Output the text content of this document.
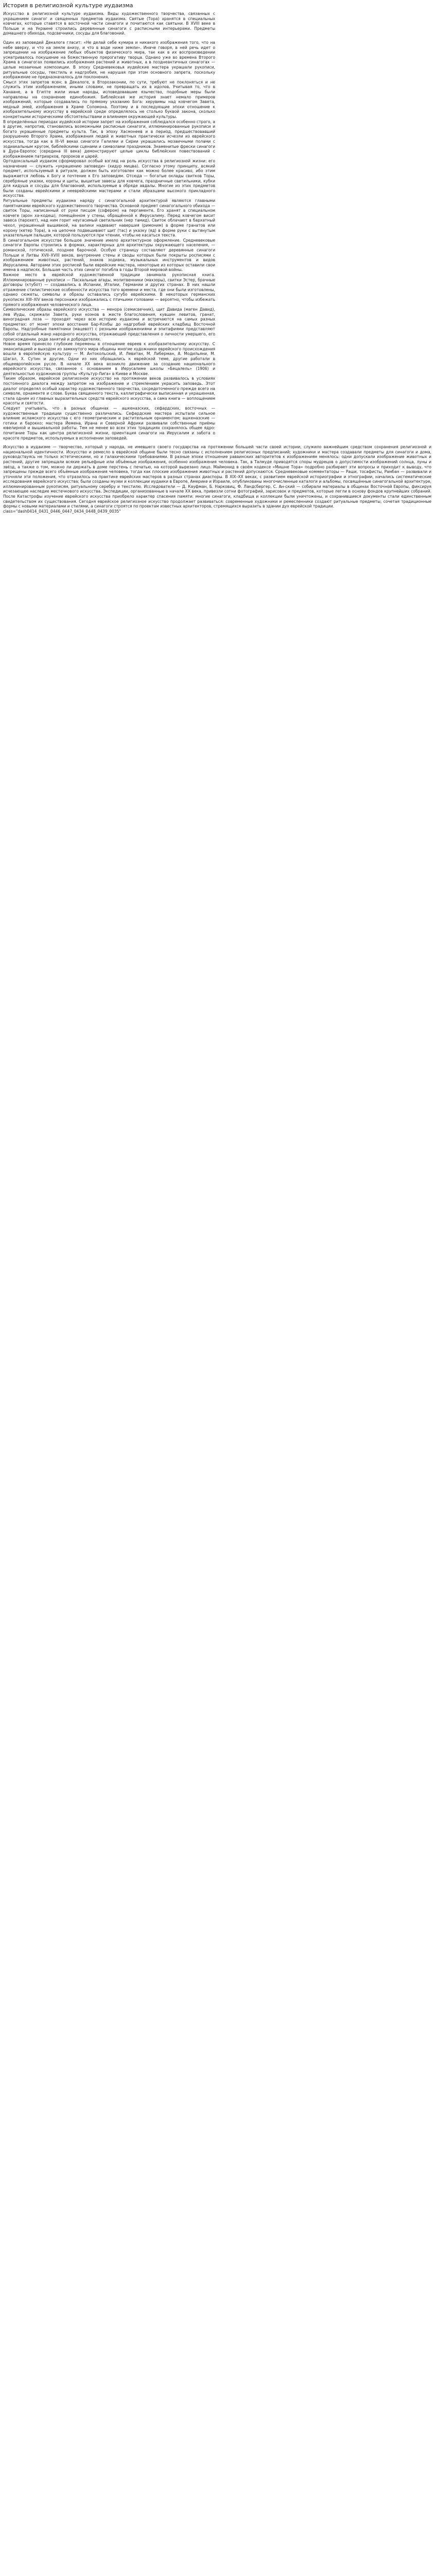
История в религиозной культуре иудаизма

Искусство в религиозной культуре иудаизма. Виды художественного творчества, связанных с украшением синагог и священных предметов иудаизма. Святые (Тора) хранятся в специальных ковчегах, которые ставятся в восточной части синагоги и почитаются как святыни. В XVIII веке в Польше и на Украине строились деревянные синагоги с расписными интерьерами. Предметы домашнего обихода, подсвечники, сосуды для благовоний.

Один из заповедей Декалога гласит: «Не делай себе кумира и никакого изображения того, что на небе вверху, и что на земле внизу, и что в воде ниже земли». Иначе говоря, в ней речь идет о запрещении на изображение любых объектов физического мира, так как в их воспроизведении усматривалось покушение на божественную прерогативу творца. Однако уже во времена Второго Храма в синагогах появились изображения растений и животных, а в позднеантичных синагогах — целые мозаичные композиции. В эпоху Средневековья иудейские мастера украшали рукописи, ритуальные сосуды, текстиль и надгробия, не нарушая при этом основного запрета, поскольку изображение не предназначалось для поклонения.

Смысл этих запретов ясен: в Декалоге, в Второзаконии, по сути, требуют не поклоняться и не служить этим изображениям, иными словами, не превращать их в идолов. Учитывая то, что в Ханаане, а в Египте жили иные народы, исповедовавшие язычество, подобные меры были направлены на сохранение единобожия. Библейская же история знает немало примеров изображений, которые создавались по прямому указанию Бога: херувимы над ковчегом Завета, медный змей, изображения в Храме Соломона. Поэтому и в последующие эпохи отношение к изобразительному искусству в еврейской среде определялось не столько буквой закона, сколько конкретными историческими обстоятельствами и влиянием окружающей культуры.

В определённых периодах иудейской истории запрет на изображения соблюдался особенно строго, а в другие, напротив, становились возможными расписные синагоги, иллюминированные рукописи и богато украшенные предметы культа. Так, в эпоху Хасмонеев и в период, предшествовавший разрушению Второго Храма, изображения людей и животных практически исчезли из еврейского искусства, тогда как в III–VI веках синагоги Галилеи и Сирии украшались мозаичными полами с зодиакальным кругом, библейскими сценами и символами праздников. Знаменитые фрески синагоги в Дура-Европос (середина III века) демонстрируют целые циклы библейских повествований с изображением патриархов, пророков и царей.

Ортодоксальный иудаизм сформировал особый взгляд на роль искусства в религиозной жизни: его назначение — служить «украшению заповеди» (хидур мицва). Согласно этому принципу, всякий предмет, используемый в ритуале, должен быть изготовлен как можно более красиво, ибо этим выражается любовь к Богу и почтение к Его заповедям. Отсюда — богатые оклады свитков Торы, серебряные указки, короны и щиты, вышитые завесы для ковчега, праздничные светильники, кубки для кидуша и сосуды для благовоний, используемые в обряде авдалы. Многие из этих предметов были созданы еврейскими и нееврейскими мастерами и стали образцами высокого прикладного искусства.

Ритуальные предметы иудаизма наряду с синагогальной архитектурой являются главными памятниками еврейского художественного творчества. Основной предмет синагогального обихода — свиток Торы, написанный от руки писцом (софером) на пергаменте. Его хранят в специальном ковчеге (арон ха-кодеш), помещённом у стены, обращённой к Иерусалиму. Перед ковчегом висит завеса (парохет), над ним горит неугасимый светильник (нер тамид). Свиток облачают в бархатный чехол, украшенный вышивкой, на валики надевают навершия (римоним) в форме гранатов или корону (кетер Тора), а на цепочке подвешивают щит (тас) и указку (яд) в форме руки с вытянутым указательным пальцем, которой пользуются при чтении, чтобы не касаться текста.

В синагогальном искусстве большое значение имело архитектурное оформление. Средневековые синагоги Европы строились в формах, характерных для архитектуры окружающего населения, — романской, готической, позднее барочной. Особую страницу составляют деревянные синагоги Польши и Литвы XVII–XVIII веков, внутренние стены и своды которых были покрыты росписями с изображением животных, растений, знаков зодиака, музыкальных инструментов и видов Иерусалима. Авторами этих росписей были еврейские мастера, некоторые из которых оставили свои имена в надписях. Большая часть этих синагог погибла в годы Второй мировой войны.

Важное место в еврейской художественной традиции занимала рукописная книга. Иллюминированные рукописи — Пасхальные агады, молитвенники (махзоры), свитки Эстер, брачные договоры (ктубот) — создавались в Испании, Италии, Германии и других странах. В них нашли отражение стилистические особенности искусства того времени и места, где они были изготовлены, однако сюжеты, символы и образы оставались сугубо еврейскими. В некоторых германских рукописях XIII–XIV веков персонажи изображались с птичьими головами — вероятно, чтобы избежать прямого изображения человеческого лица.

Символические образы еврейского искусства — менора (семисвечник), щит Давида (маген Давид), лев Иуды, скрижали Завета, руки коэнов в жесте благословения, кувшин левитов, гранат, виноградная лоза — проходят через всю историю иудаизма и встречаются на самых разных предметах: от монет эпохи восстания Бар-Кохбы до надгробий еврейских кладбищ Восточной Европы. Надгробные памятники (мацевот) с резными изображениями и эпитафиями представляют собой отдельный жанр народного искусства, отражающий представления о личности умершего, его происхождении, роде занятий и добродетелях.

Новое время принесло глубокие перемены в отношение евреев к изобразительному искусству. С эмансипацией и выходом из замкнутого мира общины многие художники еврейского происхождения вошли в европейскую культуру — М. Антокольский, И. Левитан, М. Либерман, А. Модильяни, М. Шагал, Х. Сутин и другие. Одни из них обращались к еврейской теме, другие работали в общеевропейском русле. В начале XX века возникло движение за создание национального еврейского искусства, связанное с основанием в Иерусалиме школы «Бецалель» (1906) и деятельностью художников группы «Культур-Лига» в Киеве и Москве.

Таким образом, еврейское религиозное искусство на протяжении веков развивалось в условиях постоянного диалога между запретом на изображение и стремлением украсить заповедь. Этот диалог определял особый характер художественного творчества, сосредоточенного прежде всего на символе, орнаменте и слове. Буква священного текста, каллиграфически выписанная и украшенная, стала одним из главных выразительных средств еврейского искусства, а сама книга — воплощением красоты и святости.

Следует учитывать, что в разных общинах — ашкеназских, сефардских, восточных — художественные традиции существенно различались. Сефардские мастера испытали сильное влияние исламского искусства с его геометрическим и растительным орнаментом; ашкеназские — готики и барокко; мастера Йемена, Ирана и Северной Африки развивали собственные приёмы ювелирной и вышивальной работы. Тем не менее во всех этих традициях сохранялось общее ядро: почитание Торы как центра религиозной жизни, ориентация синагоги на Иерусалим и забота о красоте предметов, используемых в исполнении заповедей.

Искусство в иудаизме — творчество, который у народа, не имевшего своего государства на протяжении большей части своей истории, служило важнейшим средством сохранения религиозной и национальной идентичности. Искусство и ремесло в еврейской общине были тесно связаны с исполнением религиозных предписаний; художники и мастера создавали предметы для синагоги и дома, руководствуясь не только эстетическими, но и галахическими требованиями. В разные эпохи отношение раввинских авторитетов к изображениям менялось: одни допускали изображение животных и растений, другие запрещали всякие рельефные или объёмные изображения, особенно изображения человека. Так, в Талмуде приводятся споры мудрецов о допустимости изображений солнца, луны и звёзд, а также о том, можно ли держать в доме перстень с печатью, на которой вырезано лицо. Маймонид в своём кодексе «Мишне Тора» подробно разбирает эти вопросы и приходит к выводу, что запрещены прежде всего объёмные изображения человека, тогда как плоские изображения животных и растений допускаются. Средневековые комментаторы — Раши, тосафисты, Рамбан — развивали и уточняли эти положения, что отразилось на практике еврейских мастеров в разных странах диаспоры. В XIX–XX веках, с развитием еврейской историографии и этнографии, начались систематические исследования еврейского искусства; были созданы музеи и коллекции иудаики в Европе, Америке и Израиле, опубликованы многочисленные каталоги и альбомы, посвящённые синагогальной архитектуре, иллюминированным рукописям, ритуальному серебру и текстилю. Исследователи — Д. Кауфман, Б. Нарковиц, Ф. Ландсбергер, С. Ан-ский — собирали материалы в общинах Восточной Европы, фиксируя исчезающее наследие местечкового искусства. Экспедиции, организованные в начале XX века, привезли сотни фотографий, зарисовок и предметов, которые легли в основу фондов крупнейших собраний. После Катастрофы изучение еврейского искусства приобрело характер спасения памяти: многие синагоги, кладбища и коллекции были уничтожены, и сохранившиеся документы стали единственным свидетельством их существования. Сегодня еврейское религиозное искусство продолжает развиваться: современные художники и ремесленники создают ритуальные предметы, сочетая традиционные формы с новыми материалами и стилями, а синагоги строятся по проектам известных архитекторов, стремящихся выразить в здании дух еврейской традиции.

class="dash0414_0431_0446_0447_0434_0448_0439_0035"
